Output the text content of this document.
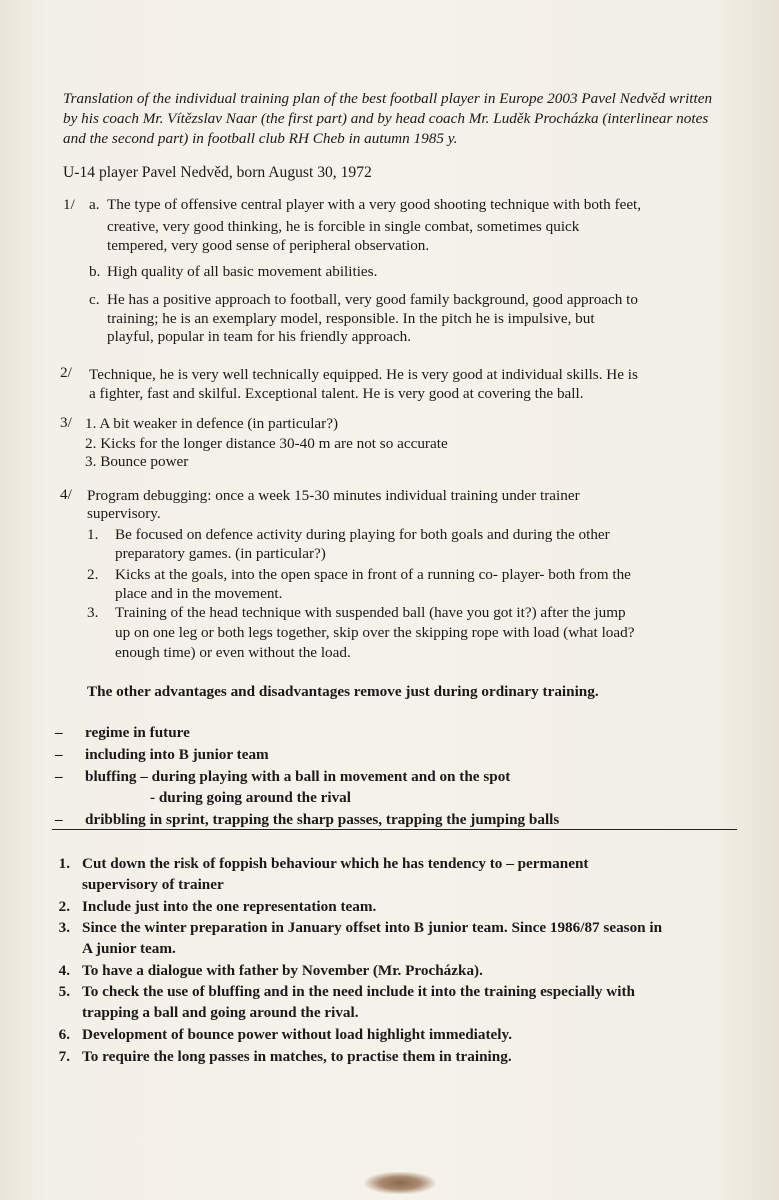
Translation of the individual training plan of the best football player in Europe 2003 Pavel Nedvěd written by his coach Mr. Vítězslav Naar (the first part) and by head coach Mr. Luděk Procházka (interlinear notes and the second part) in football club RH Cheb in autumn 1985 y.
U-14 player Pavel Nedvěd, born August 30, 1972
1/ a. The type of offensive central player with a very good shooting technique with both feet,
creative, very good thinking, he is forcible in single combat, sometimes quick
tempered, very good sense of peripheral observation.
b. High quality of all basic movement abilities.
c. He has a positive approach to football, very good family background, good approach to
training; he is an exemplary model, responsible. In the pitch he is impulsive, but
playful, popular in team for his friendly approach.
2/ Technique, he is very well technically equipped. He is very good at individual skills. He is
a fighter, fast and skilful. Exceptional talent. He is very good at covering the ball.
3/ 1. A bit weaker in defence (in particular?)
2. Kicks for the longer distance 30-40 m are not so accurate
3. Bounce power
4/ Program debugging: once a week 15-30 minutes individual training under trainer
supervisory.
1. Be focused on defence activity during playing for both goals and during the other
preparatory games. (in particular?)
2. Kicks at the goals, into the open space in front of a running co- player- both from the
place and in the movement.
3. Training of the head technique with suspended ball (have you got it?) after the jump
up on one leg or both legs together, skip over the skipping rope with load (what load?
enough time) or even without the load.
The other advantages and disadvantages remove just during ordinary training.
– regime in future
– including into B junior team
– bluffing – during playing with a ball in movement and on the spot
- during going around the rival
– dribbling in sprint, trapping the sharp passes, trapping the jumping balls
1. Cut down the risk of foppish behaviour which he has tendency to – permanent
supervisory of trainer
2. Include just into the one representation team.
3. Since the winter preparation in January offset into B junior team. Since 1986/87 season in
A junior team.
4. To have a dialogue with father by November (Mr. Procházka).
5. To check the use of bluffing and in the need include it into the training especially with
trapping a ball and going around the rival.
6. Development of bounce power without load highlight immediately.
7. To require the long passes in matches, to practise them in training.
